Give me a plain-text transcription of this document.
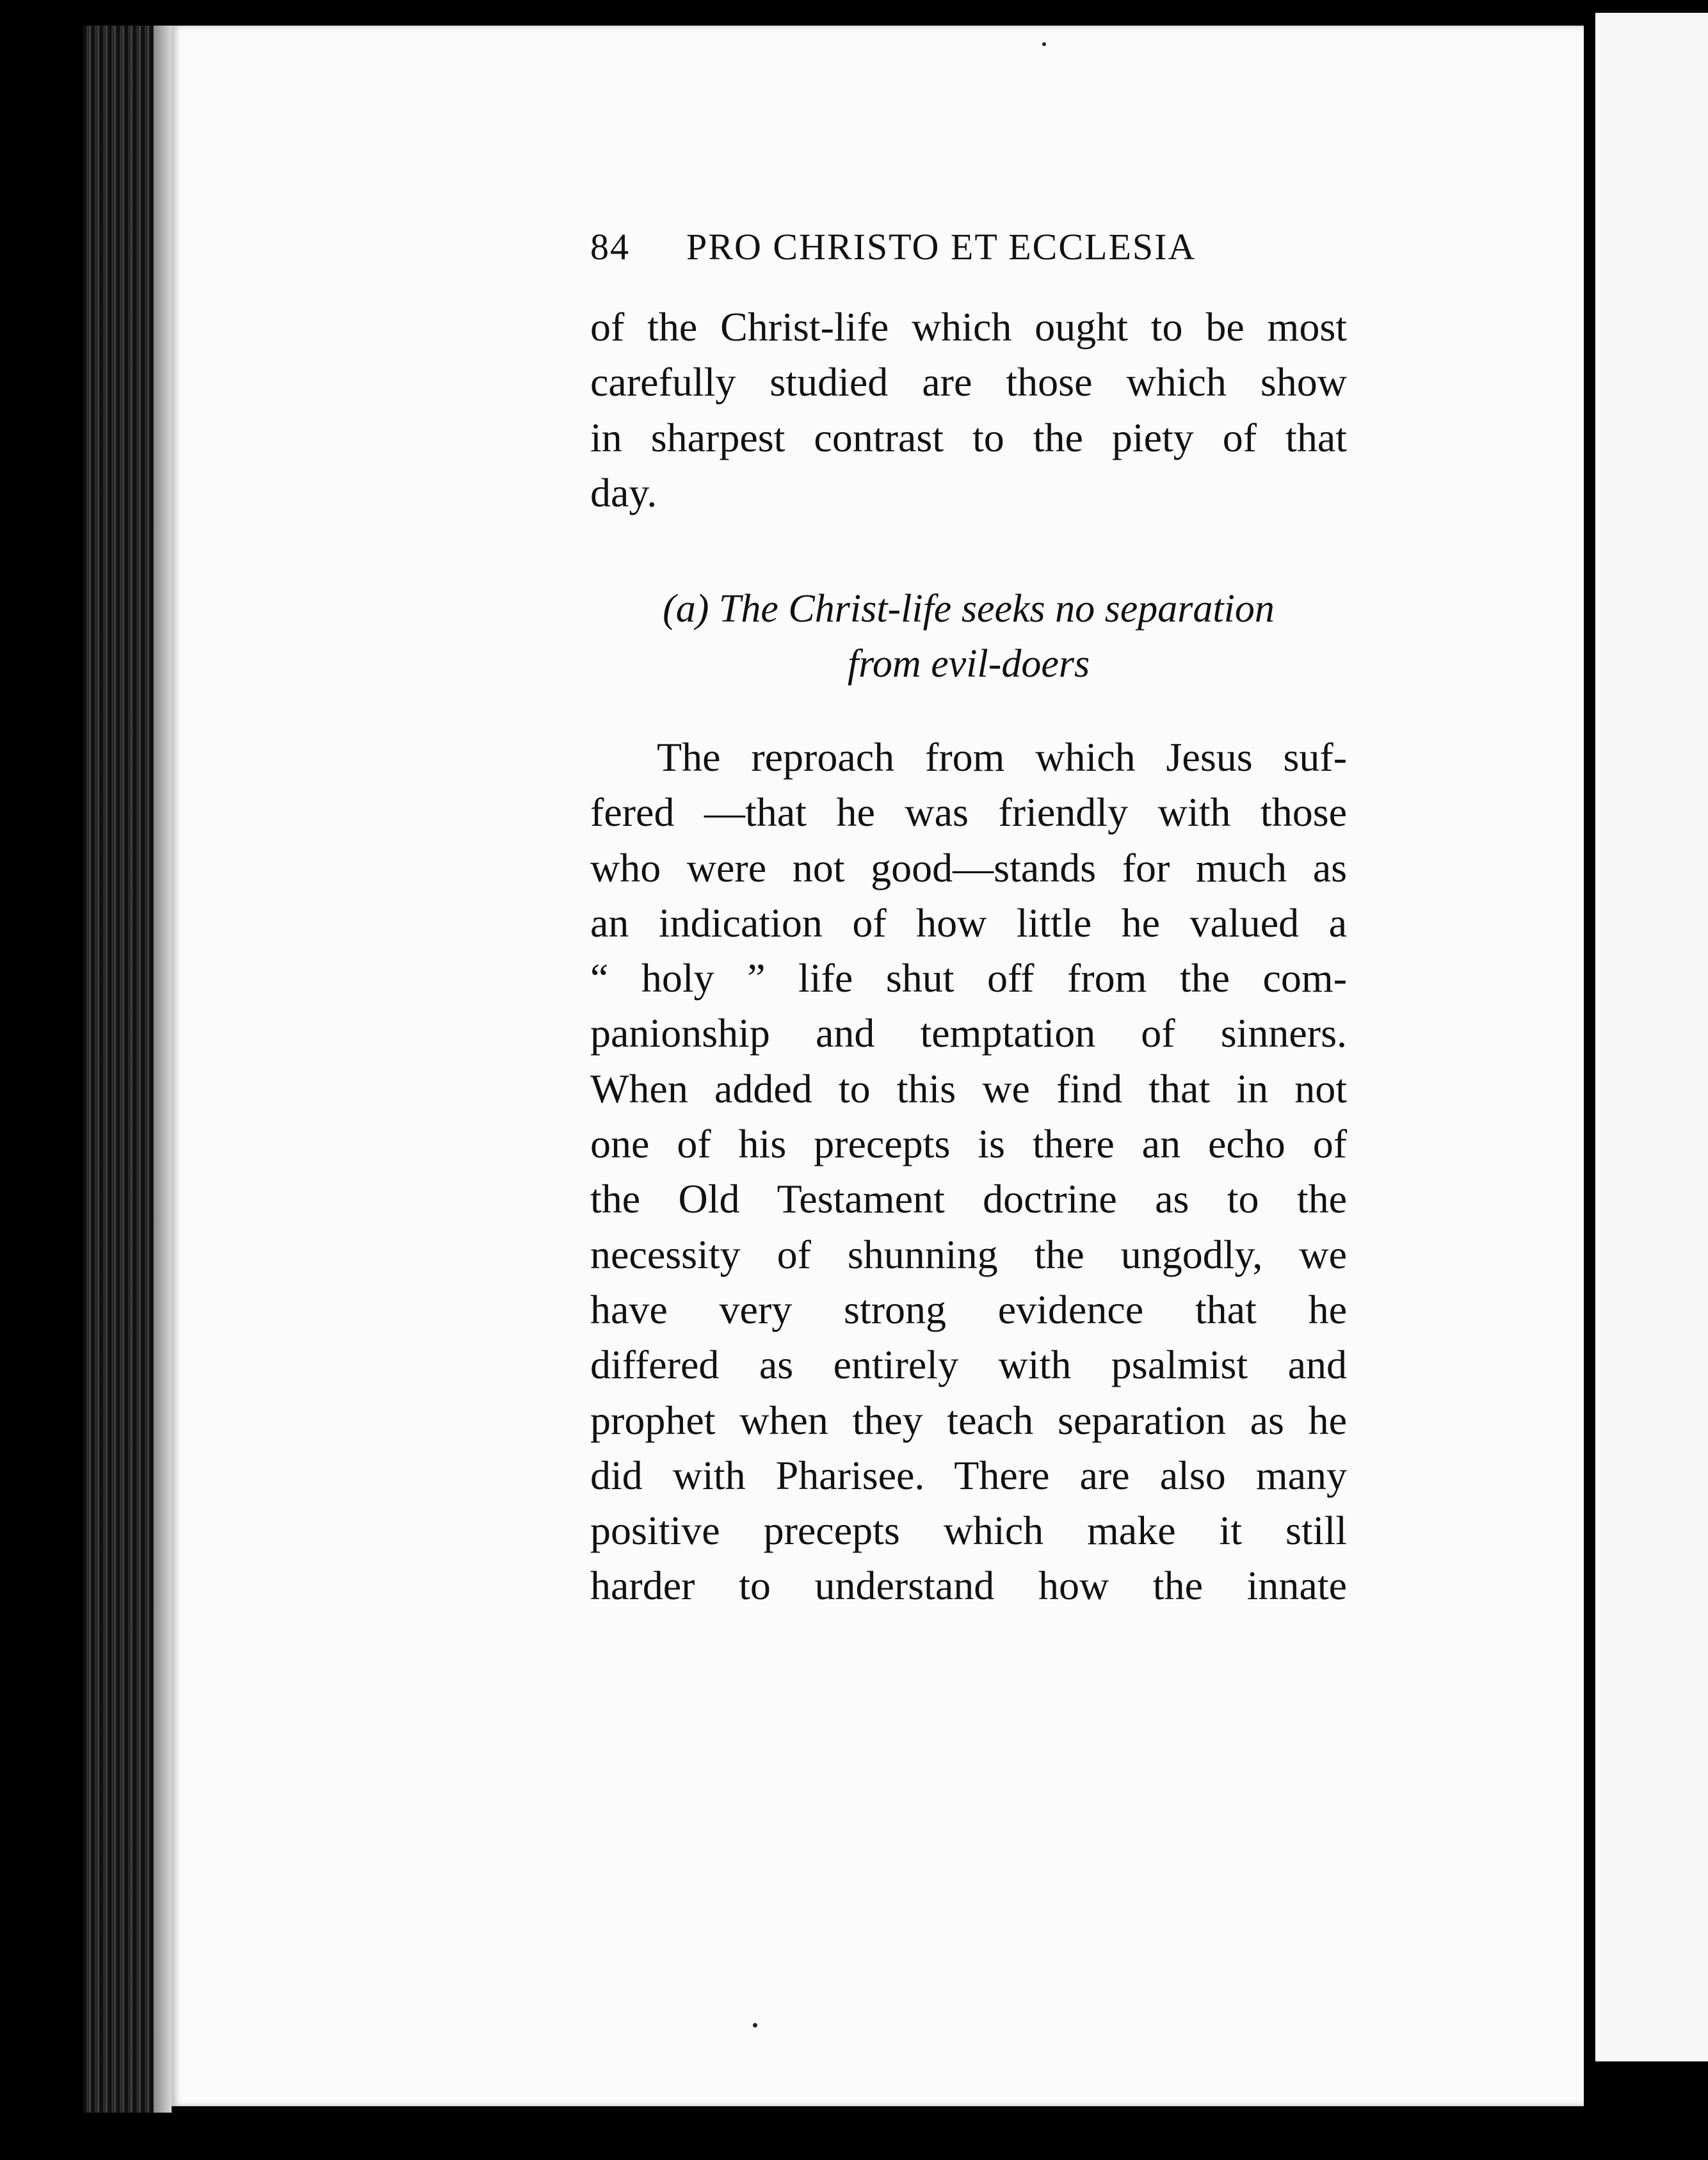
84 PRO CHRISTO ET ECCLESIA
of the Christ-life which ought to be most
carefully studied are those which show
in sharpest contrast to the piety of that
day.
(a) The Christ-life seeks no separation
from evil-doers
The reproach from which Jesus suf-
fered —that he was friendly with those
who were not good—stands for much as
an indication of how little he valued a
“ holy ” life shut off from the com-
panionship and temptation of sinners.
When added to this we find that in not
one of his precepts is there an echo of
the Old Testament doctrine as to the
necessity of shunning the ungodly, we
have very strong evidence that he
differed as entirely with psalmist and
prophet when they teach separation as he
did with Pharisee. There are also many
positive precepts which make it still
harder to understand how the innate
